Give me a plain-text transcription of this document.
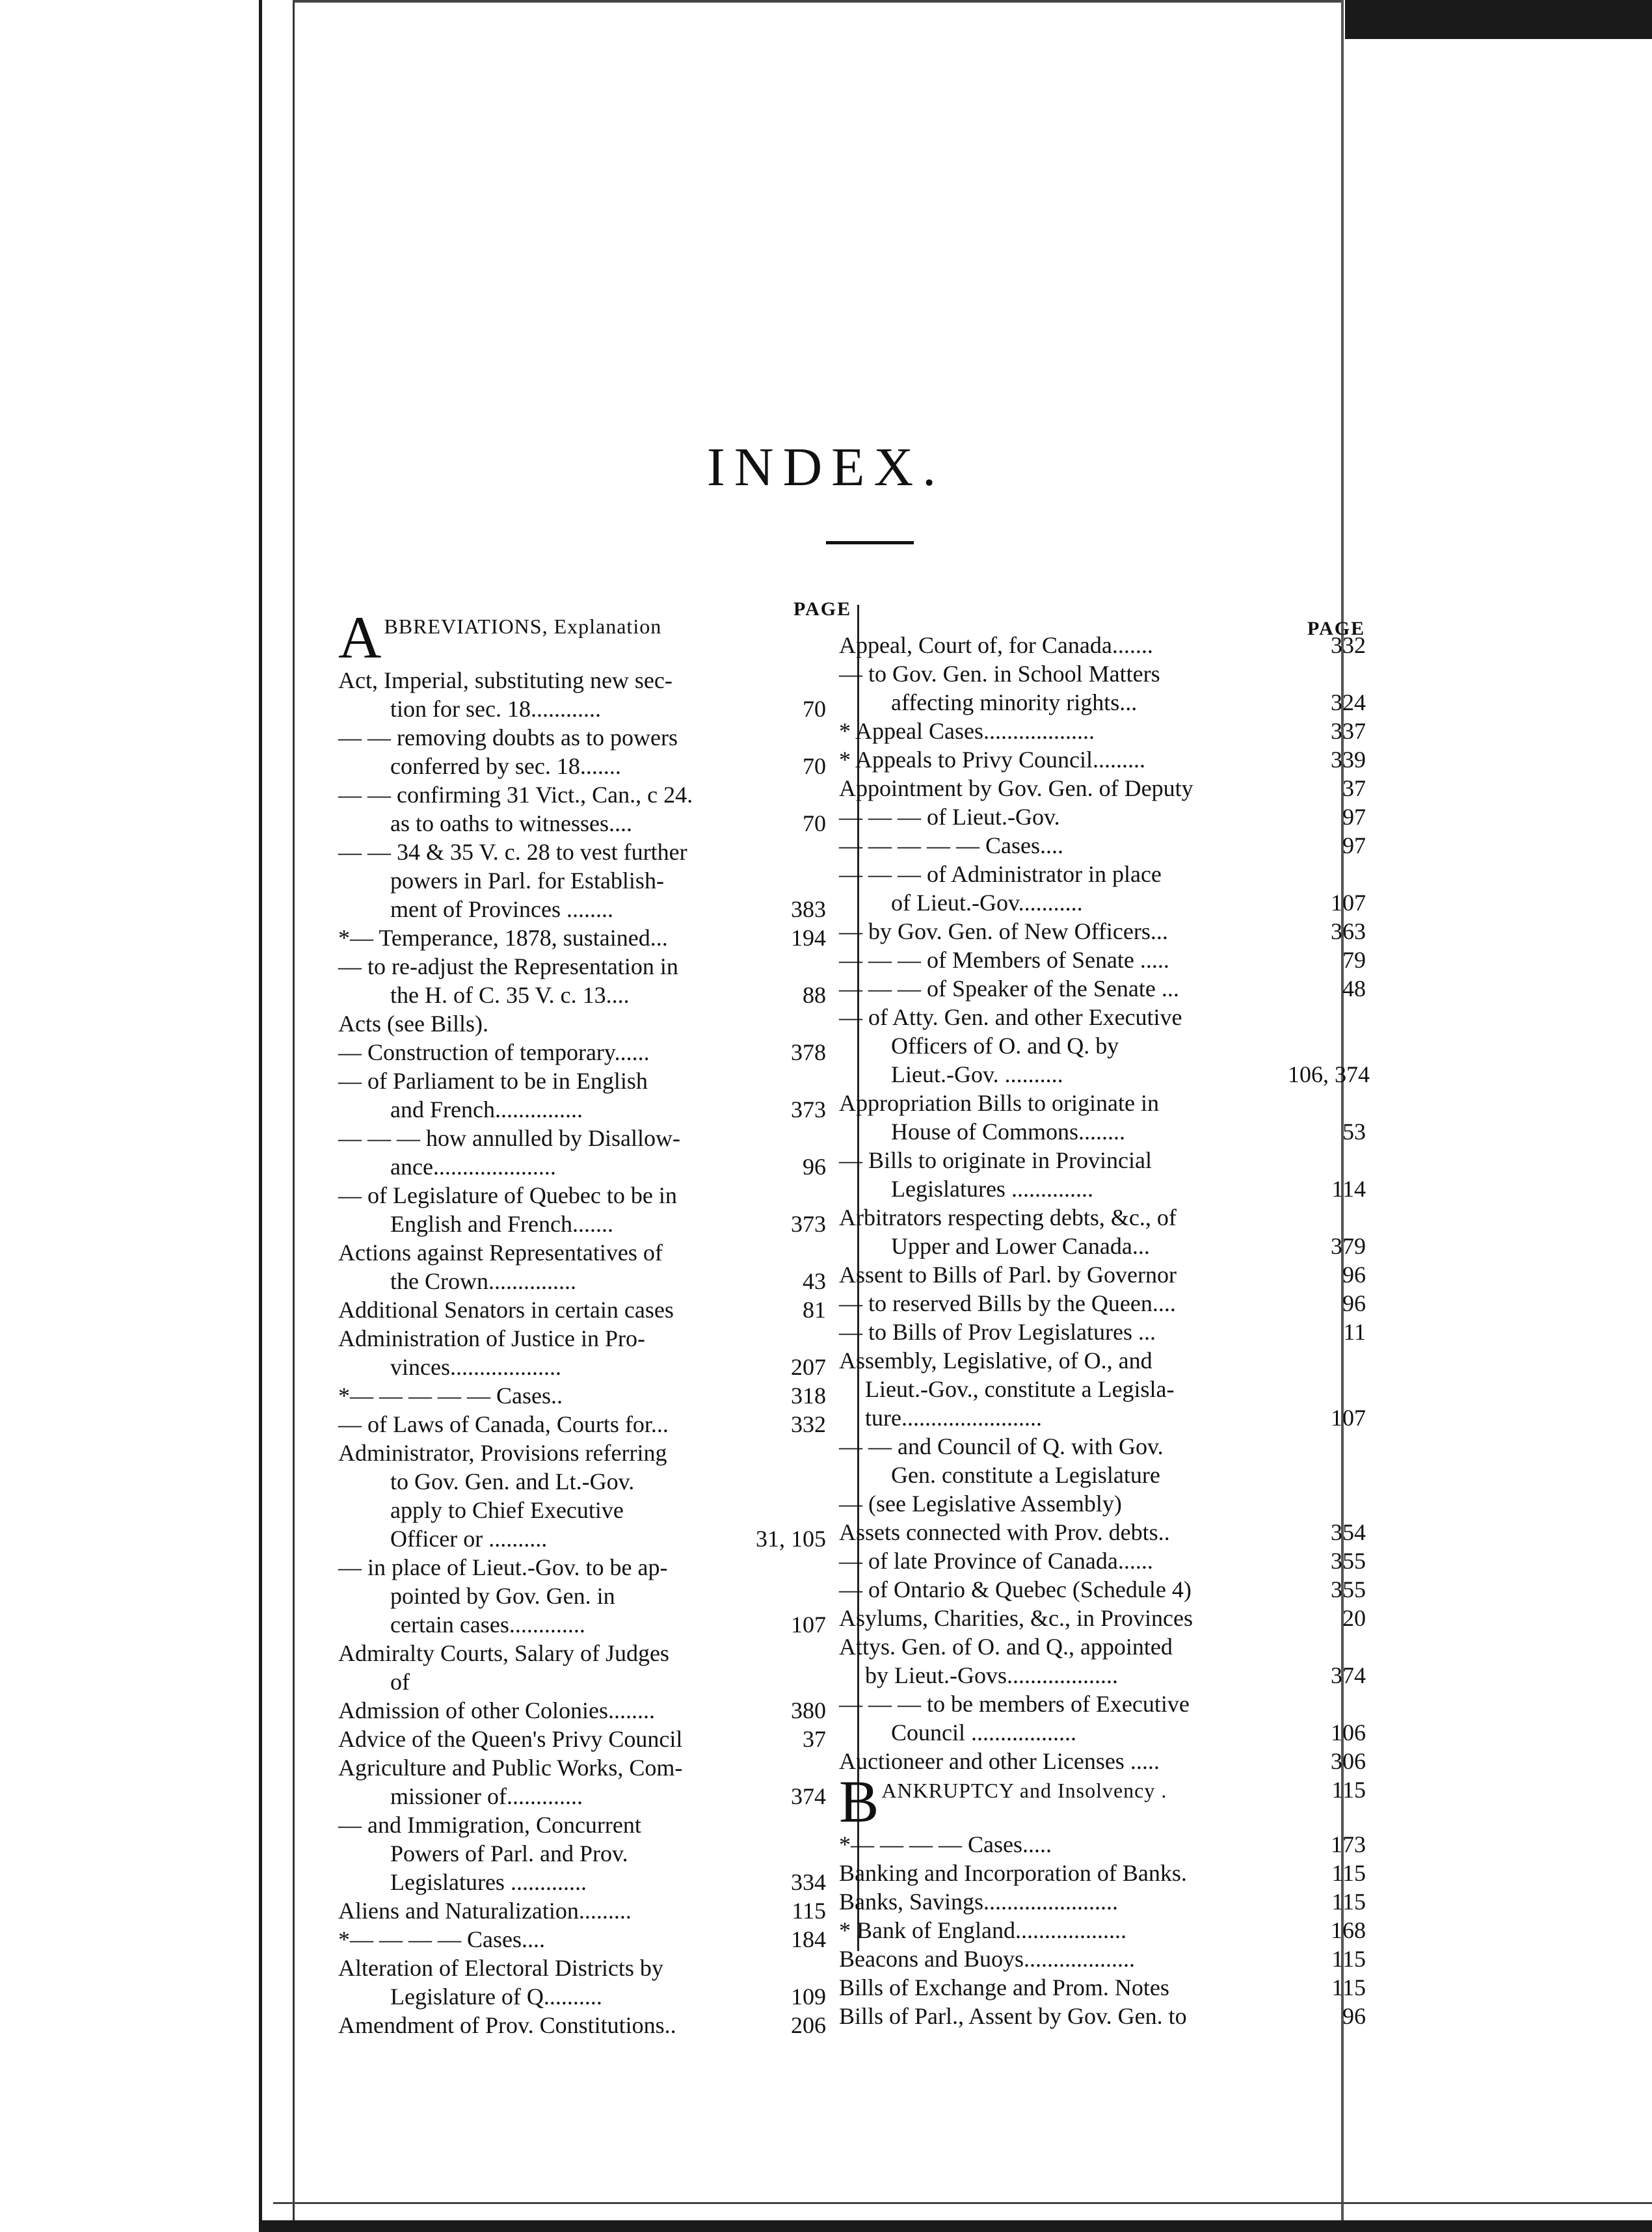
INDEX.
PAGE
ABBREVIATIONS, Explanation
Act, Imperial, substituting new sec-
tion for sec. 18............	70
— — removing doubts as to powers
conferred by sec. 18.......	70
— — confirming 31 Vict., Can., c 24.
as to oaths to witnesses....	70
— — 34 & 35 V. c. 28 to vest further
powers in Parl. for Establish-
ment of Provinces ........	383
*— Temperance, 1878, sustained...	194
— to re-adjust the Representation in
the H. of C. 35 V. c. 13....	88
Acts (see Bills).
— Construction of temporary......	378
— of Parliament to be in English
and French...............	373
— — — how annulled by Disallow-
ance.....................	96
— of Legislature of Quebec to be in
English and French.......	373
Actions against Representatives of
the Crown...............	43
Additional Senators in certain cases	81
Administration of Justice in Pro-
vinces...................	207
*— — — — — Cases..	318
— of Laws of Canada, Courts for...	332
Administrator, Provisions referring
to Gov. Gen. and Lt.-Gov.
apply to Chief Executive
Officer or ..........	31, 105
— in place of Lieut.-Gov. to be ap-
pointed by Gov. Gen. in
certain cases.............	107
Admiralty Courts, Salary of Judges
of
Admission of other Colonies........	380
Advice of the Queen's Privy Council	37
Agriculture and Public Works, Com-
missioner of.............	374
— and Immigration, Concurrent
Powers of Parl. and Prov.
Legislatures .............	334
Aliens and Naturalization.........	115
*— — — — Cases....	184
Alteration of Electoral Districts by
Legislature of Q..........	109
Amendment of Prov. Constitutions..	206
PAGE
Appeal, Court of, for Canada.......	332
— to Gov. Gen. in School Matters
affecting minority rights...	324
* Appeal Cases...................	337
* Appeals to Privy Council.........	339
Appointment by Gov. Gen. of Deputy	37
— — — of Lieut.-Gov.	97
— — — — — Cases....	97
— — — of Administrator in place
of Lieut.-Gov...........	107
— by Gov. Gen. of New Officers...	363
— — — of Members of Senate .....	79
— — — of Speaker of the Senate ...	48
— of Atty. Gen. and other Executive
Officers of O. and Q. by
Lieut.-Gov. ..........	106, 374
Appropriation Bills to originate in
House of Commons........	53
— Bills to originate in Provincial
Legislatures ..............	114
Arbitrators respecting debts, &c., of
Upper and Lower Canada...	379
Assent to Bills of Parl. by Governor	96
— to reserved Bills by the Queen....	96
— to Bills of Prov Legislatures ...	11
Assembly, Legislative, of O., and
Lieut.-Gov., constitute a Legisla-
ture........................	107
— — and Council of Q. with Gov.
Gen. constitute a Legislature
— (see Legislative Assembly)
Assets connected with Prov. debts..	354
— of late Province of Canada......	355
— of Ontario & Quebec (Schedule 4)	355
Asylums, Charities, &c., in Provinces	20
Attys. Gen. of O. and Q., appointed
by Lieut.-Govs...................	374
— — — to be members of Executive
Council ..................	106
Auctioneer and other Licenses .....	306
BANKRUPTCY and Insolvency .	115
*— — — — Cases.....	173
Banking and Incorporation of Banks.	115
Banks, Savings.......................	115
* Bank of England...................	168
Beacons and Buoys...................	115
Bills of Exchange and Prom. Notes	115
Bills of Parl., Assent by Gov. Gen. to	96
